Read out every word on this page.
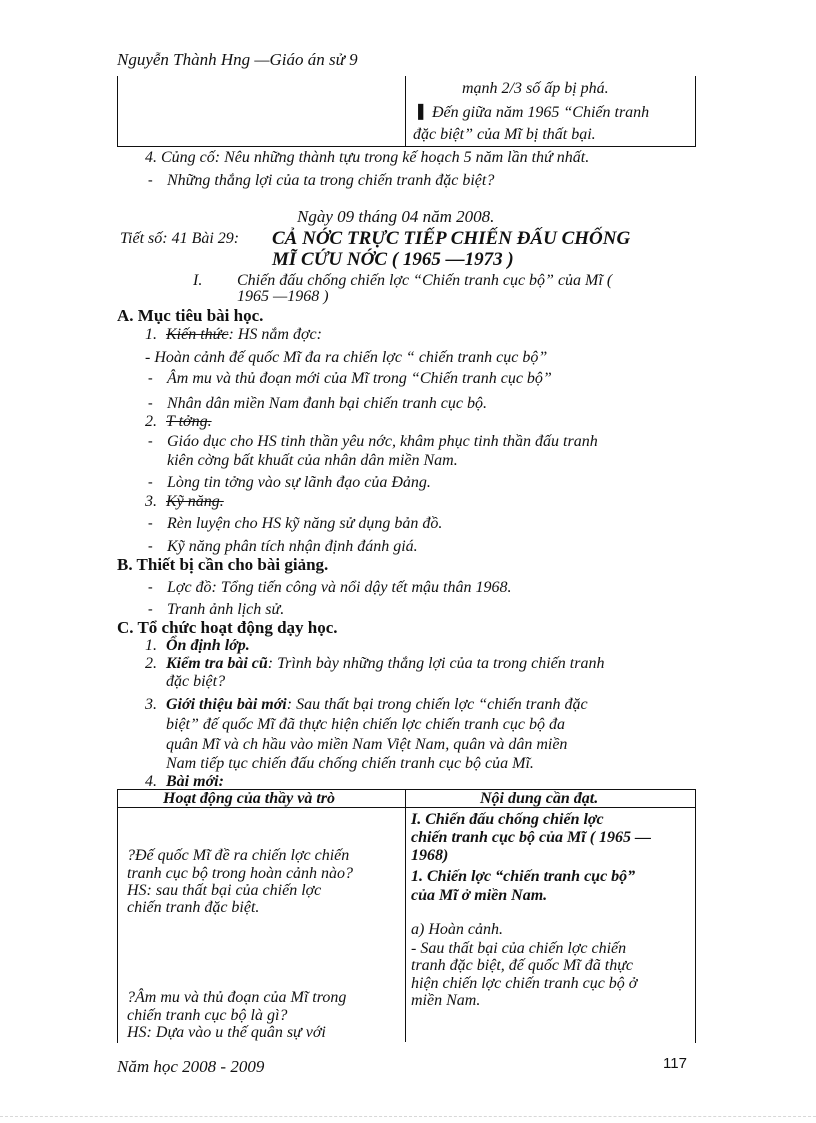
Nguyễn Thành Hng —Giáo án sử 9
mạnh 2/3 số ấp bị phá.
❚ Đến giữa năm 1965 “Chiến tranh
đặc biệt” của Mĩ bị thất bại.
4. Củng cố: Nêu những thành tựu trong kế hoạch 5 năm lần thứ nhất.
- Những thắng lợi của ta trong chiến tranh đặc biệt?
Ngày 09 tháng 04 năm 2008.
Tiết số: 41 Bài 29: CẢ NỚC TRỰC TIẾP CHIẾN ĐẤU CHỐNG
MĨ CỨU NỚC ( 1965 —1973 )
I. Chiến đấu chống chiến lợc “Chiến tranh cục bộ” của Mĩ (
1965 —1968 )
A. Mục tiêu bài học.
1. Kiến thức: HS nắm đợc:
- Hoàn cảnh đế quốc Mĩ đa ra chiến lợc “ chiến tranh cục bộ”
- Âm mu và thủ đoạn mới của Mĩ trong “Chiến tranh cục bộ”
- Nhân dân miền Nam đanh bại chiến tranh cục bộ.
2. T tởng.
- Giáo dục cho HS tinh thần yêu nớc, khâm phục tinh thần đấu tranh
kiên cờng bất khuất của nhân dân miền Nam.
- Lòng tin tởng vào sự lãnh đạo của Đảng.
3. Kỹ năng.
- Rèn luyện cho HS kỹ năng sử dụng bản đồ.
- Kỹ năng phân tích nhận định đánh giá.
B. Thiết bị cần cho bài giảng.
- Lợc đồ: Tổng tiến công và nổi dậy tết mậu thân 1968.
- Tranh ảnh lịch sử.
C. Tổ chức hoạt động dạy học.
1. Ổn định lớp.
2. Kiểm tra bài cũ: Trình bày những thắng lợi của ta trong chiến tranh
đặc biệt?
3. Giới thiệu bài mới: Sau thất bại trong chiến lợc “chiến tranh đặc
biệt” đế quốc Mĩ đã thực hiện chiến lợc chiến tranh cục bộ đa
quân Mĩ và ch hầu vào miền Nam Việt Nam, quân và dân miền
Nam tiếp tục chiến đấu chống chiến tranh cục bộ của Mĩ.
4. Bài mới:
Hoạt động của thầy và trò	Nội dung cần đạt.
?Đế quốc Mĩ đề ra chiến lợc chiến
tranh cục bộ trong hoàn cảnh nào?
HS: sau thất bại của chiến lợc
chiến tranh đặc biệt.
?Âm mu và thủ đoạn của Mĩ trong
chiến tranh cục bộ là gì?
HS: Dựa vào u thế quân sự với
I. Chiến đấu chống chiến lợc
chiến tranh cục bộ của Mĩ ( 1965 —
1968)
1. Chiến lợc “chiến tranh cục bộ”
của Mĩ ở miền Nam.
a) Hoàn cảnh.
- Sau thất bại của chiến lợc chiến
tranh đặc biệt, đế quốc Mĩ đã thực
hiện chiến lợc chiến tranh cục bộ ở
miền Nam.
Năm học 2008 - 2009	117
